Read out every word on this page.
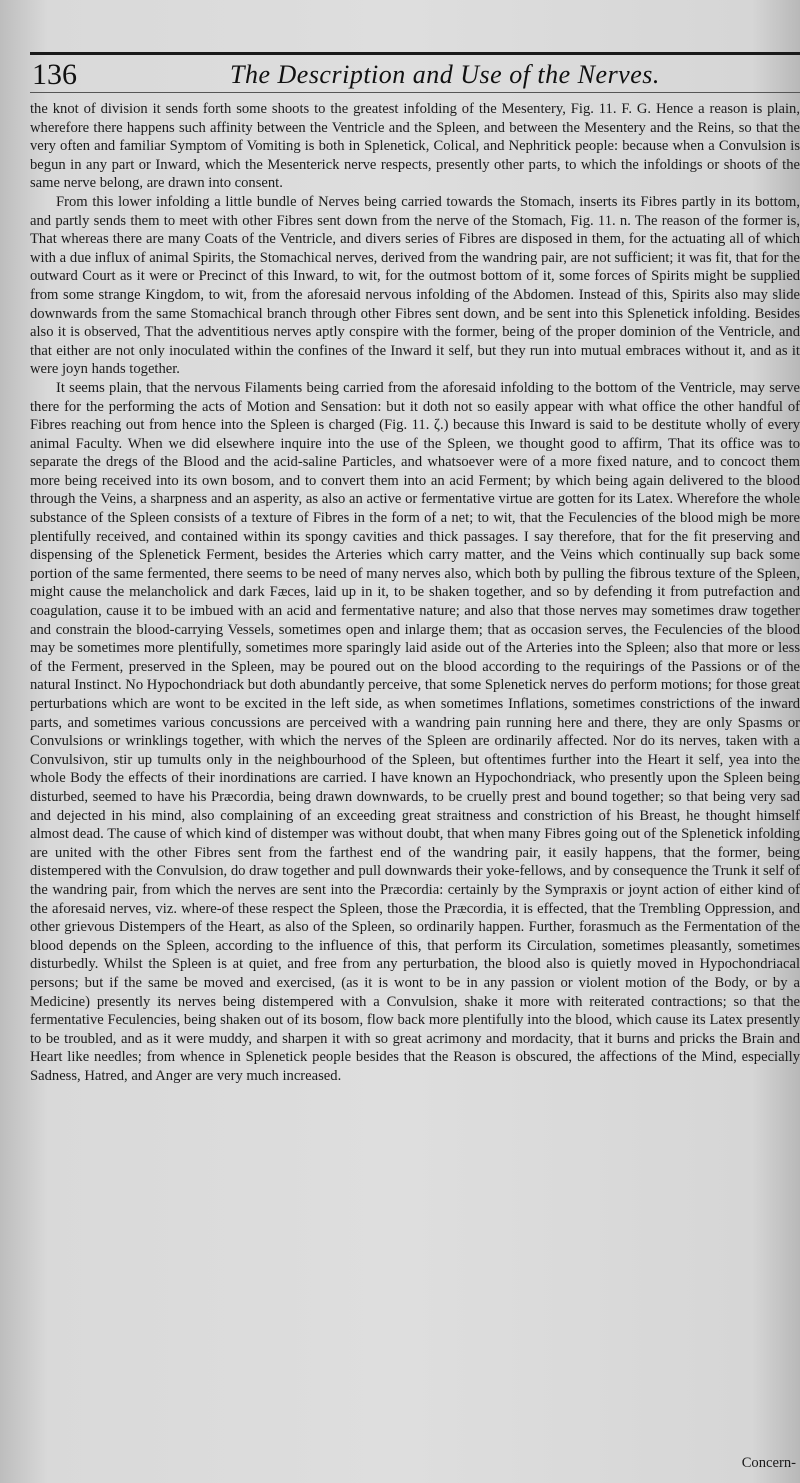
136	The Description and Use of the Nerves.

the knot of division it sends forth some shoots to the greatest infolding of the Mesentery, Fig. 11. F. G. Hence a reason is plain, wherefore there happens such affinity between the Ventricle and the Spleen, and between the Mesentery and the Reins, so that the very often and familiar Symptom of Vomiting is both in Splenetick, Colical, and Nephritick people: because when a Convulsion is begun in any part or Inward, which the Mesenterick nerve respects, presently other parts, to which the infoldings or shoots of the same nerve belong, are drawn into consent.

From this lower infolding a little bundle of Nerves being carried towards the Stomach, inserts its Fibres partly in its bottom, and partly sends them to meet with other Fibres sent down from the nerve of the Stomach, Fig. 11. n. The reason of the former is, That whereas there are many Coats of the Ventricle, and divers series of Fibres are disposed in them, for the actuating all of which with a due influx of animal Spirits, the Stomachical nerves, derived from the wandring pair, are not sufficient; it was fit, that for the outward Court as it were or Precinct of this Inward, to wit, for the outmost bottom of it, some forces of Spirits might be supplied from some strange Kingdom, to wit, from the aforesaid nervous infolding of the Abdomen. Instead of this, Spirits also may slide downwards from the same Stomachical branch through other Fibres sent down, and be sent into this Splenetick infolding. Besides also it is observed, That the adventitious nerves aptly conspire with the former, being of the proper dominion of the Ventricle, and that either are not only inoculated within the confines of the Inward it self, but they run into mutual embraces without it, and as it were joyn hands together.

It seems plain, that the nervous Filaments being carried from the aforesaid infolding to the bottom of the Ventricle, may serve there for the performing the acts of Motion and Sensation: but it doth not so easily appear with what office the other handful of Fibres reaching out from hence into the Spleen is charged (Fig. 11. ζ.) because this Inward is said to be destitute wholly of every animal Faculty. When we did elsewhere inquire into the use of the Spleen, we thought good to affirm, That its office was to separate the dregs of the Blood and the acid-saline Particles, and whatsoever were of a more fixed nature, and to concoct them more being received into its own bosom, and to convert them into an acid Ferment; by which being again delivered to the blood through the Veins, a sharpness and an asperity, as also an active or fermentative virtue are gotten for its Latex. Wherefore the whole substance of the Spleen consists of a texture of Fibres in the form of a net; to wit, that the Feculencies of the blood migh be more plentifully received, and contained within its spongy cavities and thick passages. I say therefore, that for the fit preserving and dispensing of the Splenetick Ferment, besides the Arteries which carry matter, and the Veins which continually sup back some portion of the same fermented, there seems to be need of many nerves also, which both by pulling the fibrous texture of the Spleen, might cause the melancholick and dark Fæces, laid up in it, to be shaken together, and so by defending it from putrefaction and coagulation, cause it to be imbued with an acid and fermentative nature; and also that those nerves may sometimes draw together and constrain the blood-carrying Vessels, sometimes open and inlarge them; that as occasion serves, the Feculencies of the blood may be sometimes more plentifully, sometimes more sparingly laid aside out of the Arteries into the Spleen; also that more or less of the Ferment, preserved in the Spleen, may be poured out on the blood according to the requirings of the Passions or of the natural Instinct. No Hypochondriack but doth abundantly perceive, that some Splenetick nerves do perform motions; for those great perturbations which are wont to be excited in the left side, as when sometimes Inflations, sometimes constrictions of the inward parts, and sometimes various concussions are perceived with a wandring pain running here and there, they are only Spasms or Convulsions or wrinklings together, with which the nerves of the Spleen are ordinarily affected. Nor do its nerves, taken with a Convulsivon, stir up tumults only in the neighbourhood of the Spleen, but oftentimes further into the Heart it self, yea into the whole Body the effects of their inordinations are carried. I have known an Hypochondriack, who presently upon the Spleen being disturbed, seemed to have his Præcordia, being drawn downwards, to be cruelly prest and bound together; so that being very sad and dejected in his mind, also complaining of an exceeding great straitness and constriction of his Breast, he thought himself almost dead. The cause of which kind of distemper was without doubt, that when many Fibres going out of the Splenetick infolding are united with the other Fibres sent from the farthest end of the wandring pair, it easily happens, that the former, being distempered with the Convulsion, do draw together and pull downwards their yoke-fellows, and by consequence the Trunk it self of the wandring pair, from which the nerves are sent into the Præcordia: certainly by the Sympraxis or joynt action of either kind of the aforesaid nerves, viz. where-of these respect the Spleen, those the Præcordia, it is effected, that the Trembling Oppression, and other grievous Distempers of the Heart, as also of the Spleen, so ordinarily happen. Further, forasmuch as the Fermentation of the blood depends on the Spleen, according to the influence of this, that perform its Circulation, sometimes pleasantly, sometimes disturbedly. Whilst the Spleen is at quiet, and free from any perturbation, the blood also is quietly moved in Hypochondriacal persons; but if the same be moved and exercised, (as it is wont to be in any passion or violent motion of the Body, or by a Medicine) presently its nerves being distempered with a Convulsion, shake it more with reiterated contractions; so that the fermentative Feculencies, being shaken out of its bosom, flow back more plentifully into the blood, which cause its Latex presently to be troubled, and as it were muddy, and sharpen it with so great acrimony and mordacity, that it burns and pricks the Brain and Heart like needles; from whence in Splenetick people besides that the Reason is obscured, the affections of the Mind, especially Sadness, Hatred, and Anger are very much increased.

Concern-
